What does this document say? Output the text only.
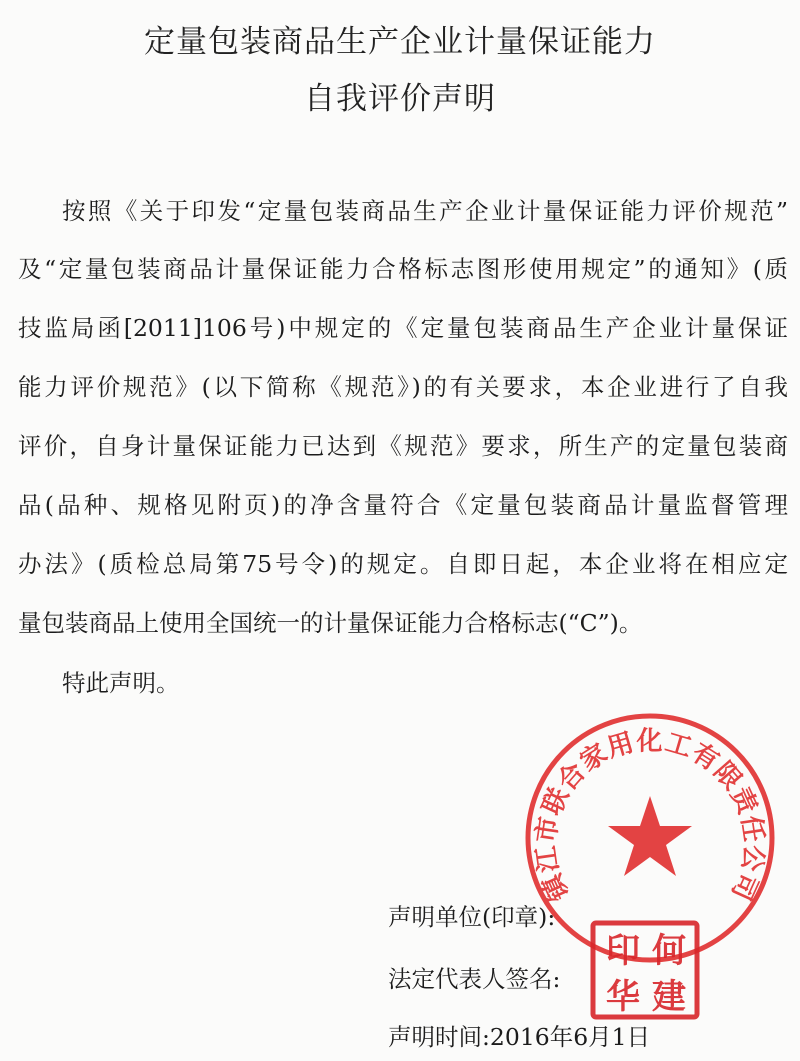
定量包装商品生产企业计量保证能力
自我评价声明
按照《关于印发“定量包装商品生产企业计量保证能力评价规范”
及“定量包装商品计量保证能力合格标志图形使用规定”的通知》(质
技监局函[2011]106号)中规定的《定量包装商品生产企业计量保证
能力评价规范》(以下简称《规范》)的有关要求，本企业进行了自我
评价，自身计量保证能力已达到《规范》要求，所生产的定量包装商
品(品种、规格见附页)的净含量符合《定量包装商品计量监督管理
办法》(质检总局第75号令)的规定。自即日起，本企业将在相应定
量包装商品上使用全国统一的计量保证能力合格标志(“C”)。
特此声明。
声明单位(印章):
法定代表人签名:
声明时间:2016年6月1日
镇江市联合家用化工有限责任公司
印 何
华 建
